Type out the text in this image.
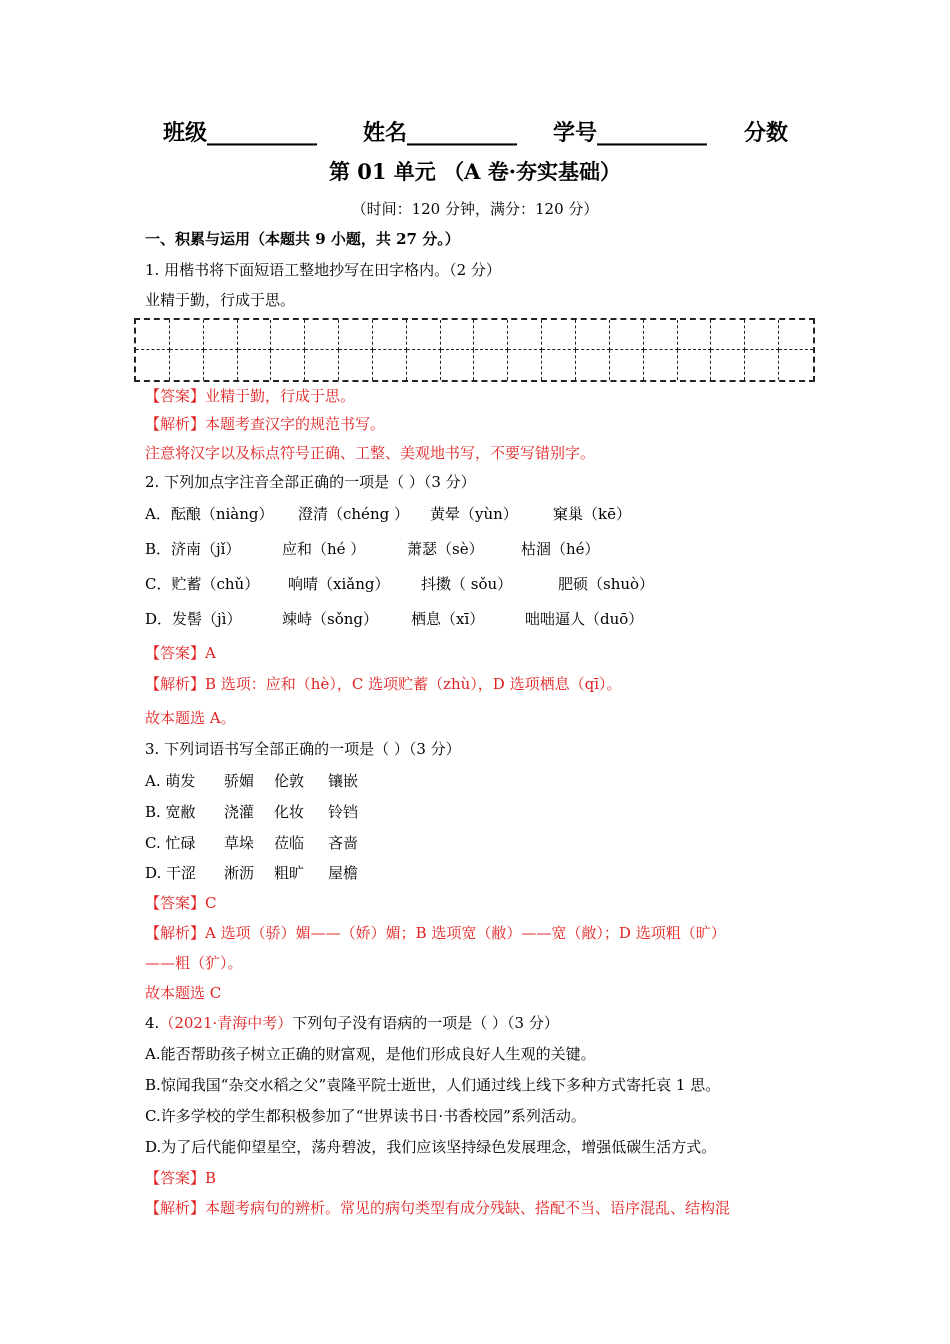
班级__________ 姓名__________ 学号__________ 分数
第 01 单元 （A 卷·夯实基础）
（时间：120 分钟，满分：120 分）
一、积累与运用（本题共 9 小题，共 27 分。）
1. 用楷书将下面短语工整地抄写在田字格内。（2 分）
业精于勤，行成于思。
【答案】业精于勤，行成于思。
【解析】本题考查汉字的规范书写。
注意将汉字以及标点符号正确、工整、美观地书写，不要写错别字。
2. 下列加点字注音全部正确的一项是（ ）（3 分）
A．酝酿（niàng） 澄清（chéng ） 黄晕（yùn） 窠巢（kē）
B．济南（jǐ）	应和（hé ）	萧瑟（sè） 枯涸（hé）
C．贮蓄（chǔ） 响晴（xiǎng） 抖擞（ sǒu）	肥硕（shuò）
D．发髻（jì）	竦峙（sǒng） 栖息（xī）	咄咄逼人（duō）
【答案】A
【解析】B 选项：应和（hè），C 选项贮蓄（zhù），D 选项栖息（qī）。
故本题选 A。
3. 下列词语书写全部正确的一项是（ ）（3 分）
A. 萌发 骄媚 伦敦 镶嵌
B. 宽敝 浇灌 化妆 铃铛
C. 忙碌 草垛 莅临 吝啬
D. 干涩 淅沥 粗旷 屋檐
【答案】C
【解析】A 选项（骄）媚——（娇）媚；B 选项宽（敝）——宽（敞）；D 选项粗（旷）
——粗（犷）。
故本题选 C
4.（2021·青海中考）下列句子没有语病的一项是（ ）（3 分）
A.能否帮助孩子树立正确的财富观，是他们形成良好人生观的关键。
B.惊闻我国“杂交水稻之父”袁隆平院士逝世，人们通过线上线下多种方式寄托哀 1 思。
C.许多学校的学生都积极参加了“世界读书日·书香校园”系列活动。
D.为了后代能仰望星空，荡舟碧波，我们应该坚持绿色发展理念，增强低碳生活方式。
【答案】B
【解析】本题考病句的辨析。常见的病句类型有成分残缺、搭配不当、语序混乱、结构混
